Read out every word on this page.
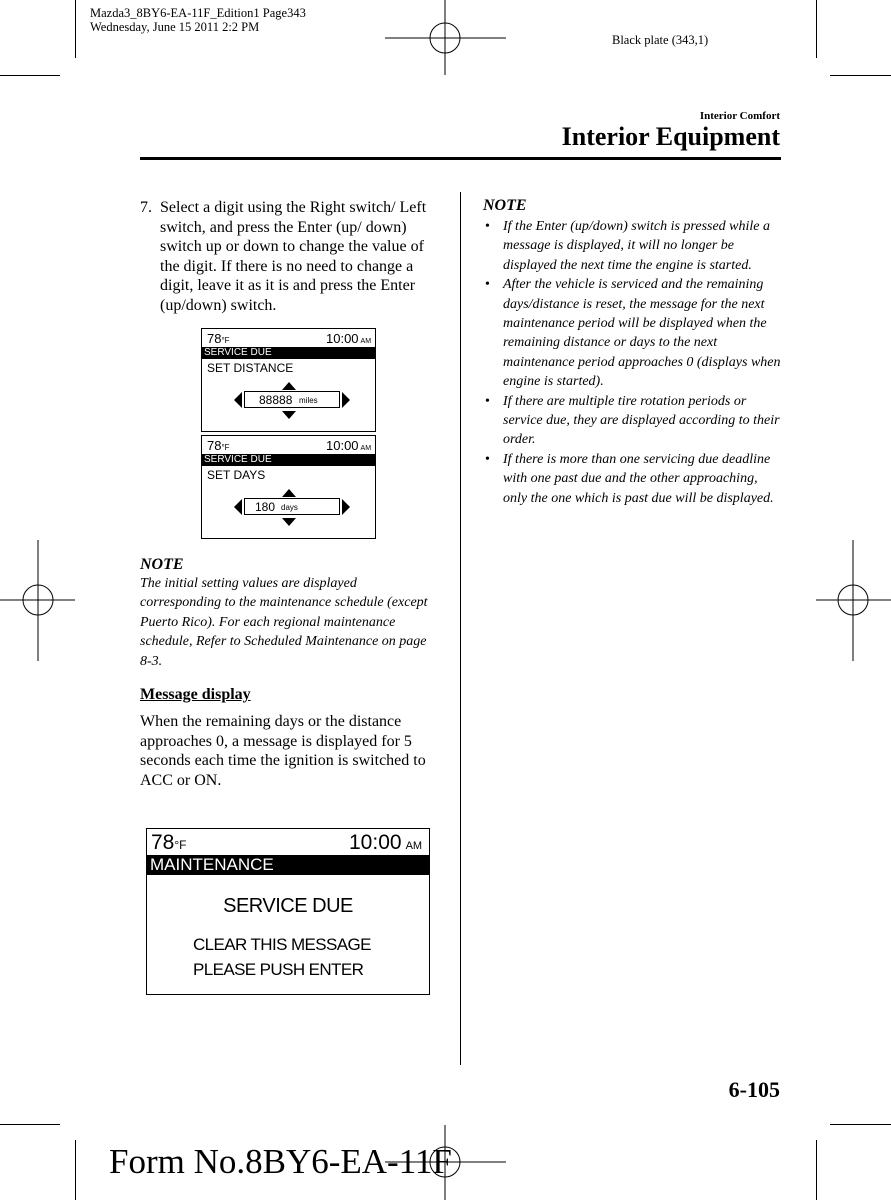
Mazda3_8BY6-EA-11F_Edition1 Page343
Wednesday, June 15 2011 2:2 PM
Black plate (343,1)
Interior Comfort
Interior Equipment
7. Select a digit using the Right switch/ Left switch, and press the Enter (up/ down) switch up or down to change the value of the digit. If there is no need to change a digit, leave it as it is and press the Enter (up/down) switch.
78°F	10:00 AM
SERVICE DUE
SET DISTANCE
88888 miles
78°F	10:00 AM
SERVICE DUE
SET DAYS
180 days
NOTE
The initial setting values are displayed corresponding to the maintenance schedule (except Puerto Rico). For each regional maintenance schedule, Refer to Scheduled Maintenance on page 8-3.
Message display
When the remaining days or the distance approaches 0, a message is displayed for 5 seconds each time the ignition is switched to ACC or ON.
78°F	10:00 AM
MAINTENANCE
SERVICE DUE
CLEAR THIS MESSAGE
PLEASE PUSH ENTER
NOTE
• If the Enter (up/down) switch is pressed while a message is displayed, it will no longer be displayed the next time the engine is started.
• After the vehicle is serviced and the remaining days/distance is reset, the message for the next maintenance period will be displayed when the remaining distance or days to the next maintenance period approaches 0 (displays when engine is started).
• If there are multiple tire rotation periods or service due, they are displayed according to their order.
• If there is more than one servicing due deadline with one past due and the other approaching, only the one which is past due will be displayed.
6-105
Form No.8BY6-EA-11F
